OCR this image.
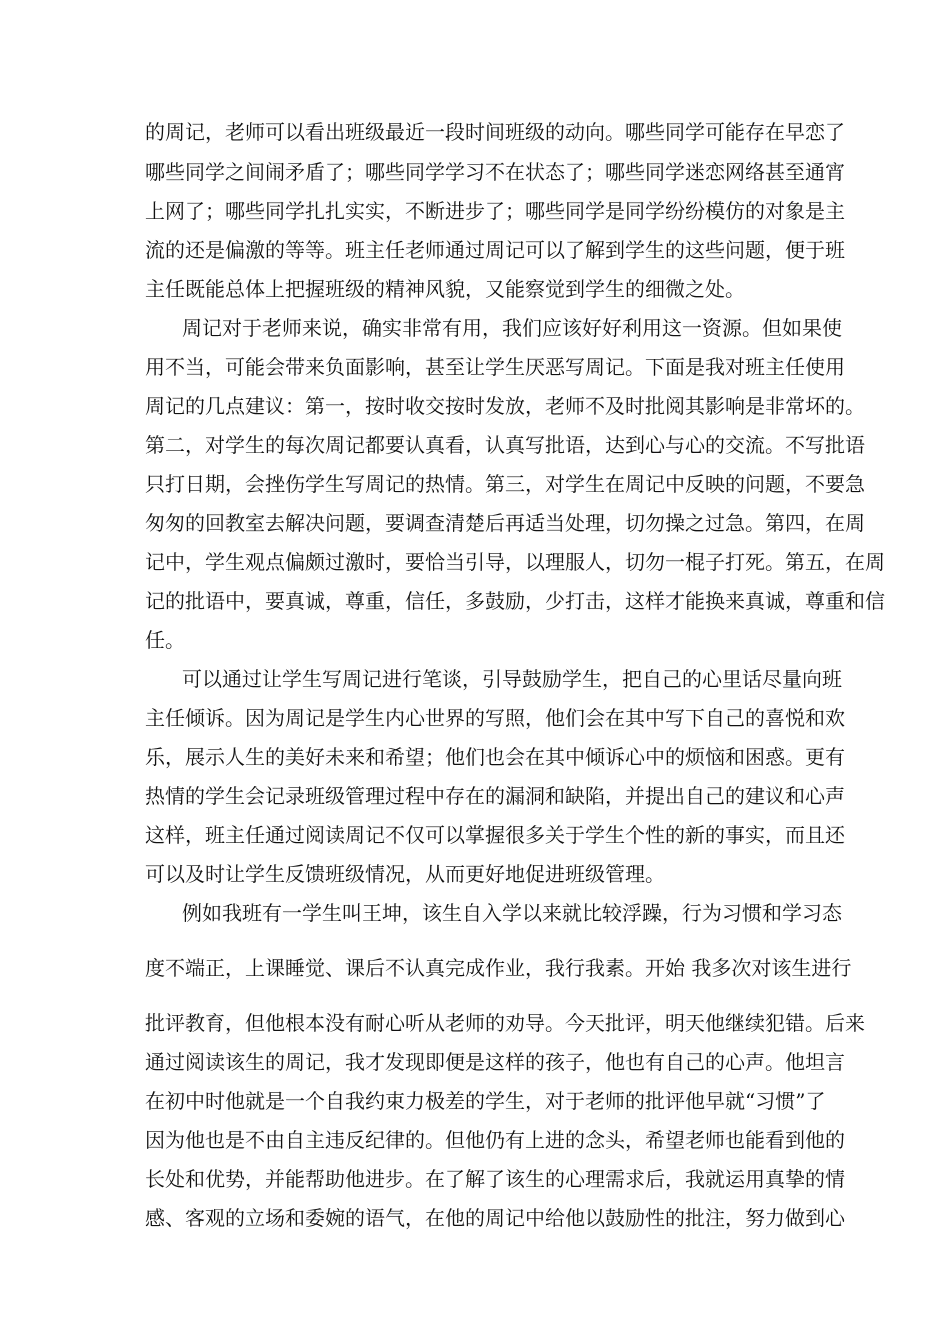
的周记，老师可以看出班级最近一段时间班级的动向。哪些同学可能存在早恋了
哪些同学之间闹矛盾了；哪些同学学习不在状态了；哪些同学迷恋网络甚至通宵
上网了；哪些同学扎扎实实，不断进步了；哪些同学是同学纷纷模仿的对象是主
流的还是偏激的等等。班主任老师通过周记可以了解到学生的这些问题，便于班
主任既能总体上把握班级的精神风貌，又能察觉到学生的细微之处。
周记对于老师来说，确实非常有用，我们应该好好利用这一资源。但如果使
用不当，可能会带来负面影响，甚至让学生厌恶写周记。下面是我对班主任使用
周记的几点建议：第一，按时收交按时发放，老师不及时批阅其影响是非常坏的。
第二，对学生的每次周记都要认真看，认真写批语，达到心与心的交流。不写批语
只打日期，会挫伤学生写周记的热情。第三，对学生在周记中反映的问题，不要急
匆匆的回教室去解决问题，要调查清楚后再适当处理，切勿操之过急。第四，在周
记中，学生观点偏颇过激时，要恰当引导，以理服人，切勿一棍子打死。第五，在周
记的批语中，要真诚，尊重，信任，多鼓励，少打击，这样才能换来真诚，尊重和信
任。
可以通过让学生写周记进行笔谈，引导鼓励学生，把自己的心里话尽量向班
主任倾诉。因为周记是学生内心世界的写照，他们会在其中写下自己的喜悦和欢
乐，展示人生的美好未来和希望；他们也会在其中倾诉心中的烦恼和困惑。更有
热情的学生会记录班级管理过程中存在的漏洞和缺陷，并提出自己的建议和心声
这样，班主任通过阅读周记不仅可以掌握很多关于学生个性的新的事实，而且还
可以及时让学生反馈班级情况，从而更好地促进班级管理。
例如我班有一学生叫王坤，该生自入学以来就比较浮躁，行为习惯和学习态
度不端正，上课睡觉、课后不认真完成作业，我行我素。开始 我多次对该生进行
批评教育，但他根本没有耐心听从老师的劝导。今天批评，明天他继续犯错。后来
通过阅读该生的周记，我才发现即便是这样的孩子，他也有自己的心声。他坦言
在初中时他就是一个自我约束力极差的学生，对于老师的批评他早就“习惯”了
因为他也是不由自主违反纪律的。但他仍有上进的念头，希望老师也能看到他的
长处和优势，并能帮助他进步。在了解了该生的心理需求后，我就运用真挚的情
感、客观的立场和委婉的语气，在他的周记中给他以鼓励性的批注，努力做到心
